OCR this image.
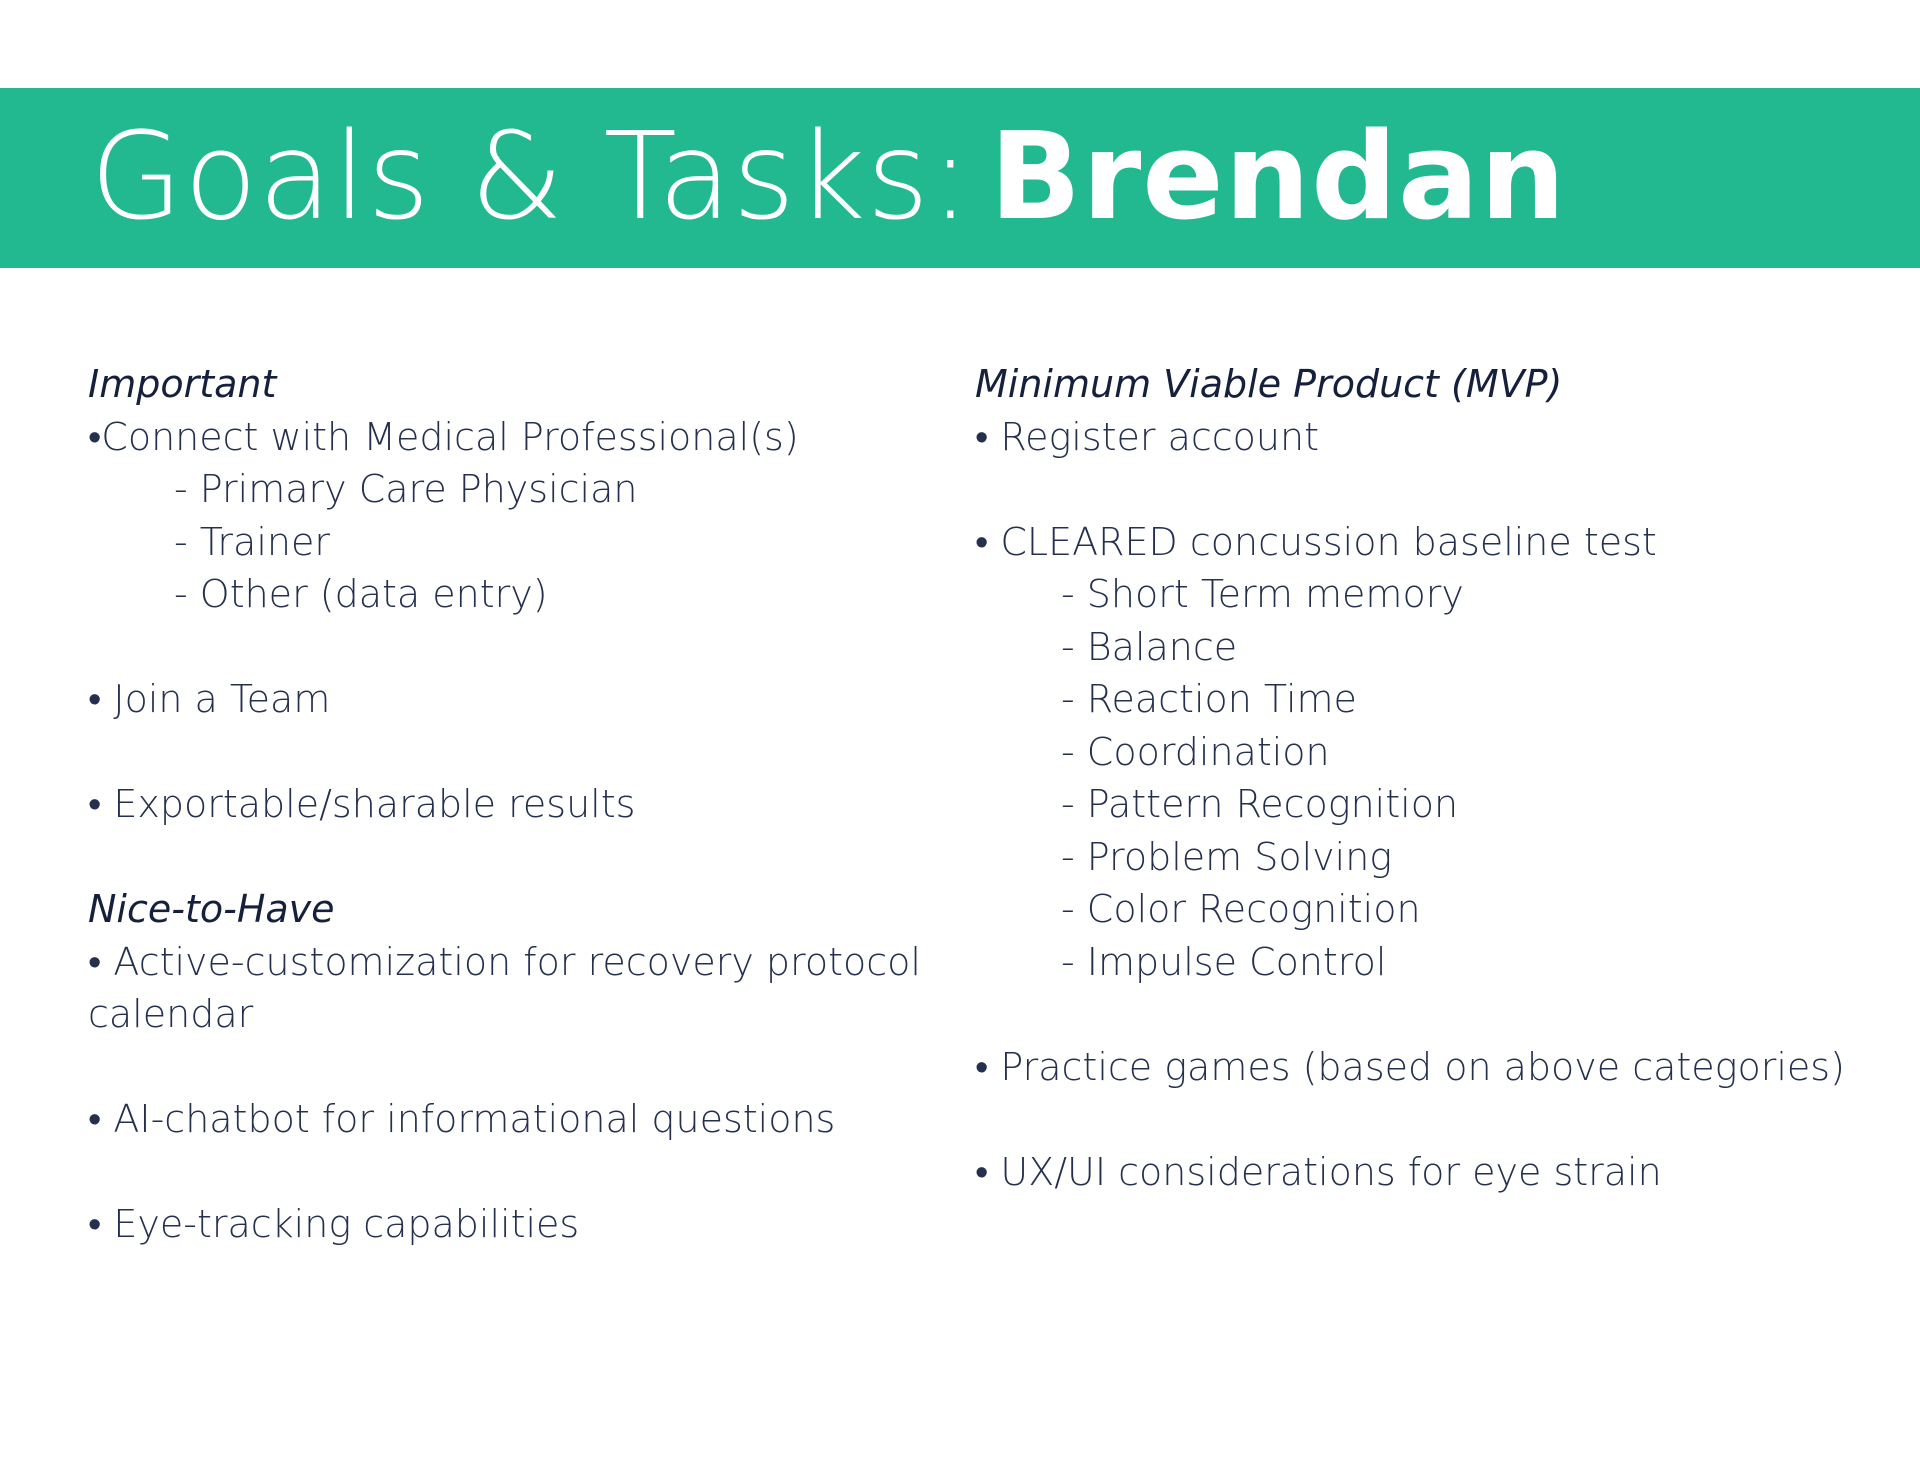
Goals & Tasks: Brendan
Important
•Connect with Medical Professional(s)
- Primary Care Physician
- Trainer
- Other (data entry)
• Join a Team
• Exportable/sharable results
Nice-to-Have
• Active-customization for recovery protocol calendar
• AI-chatbot for informational questions
• Eye-tracking capabilities
Minimum Viable Product (MVP)
• Register account
• CLEARED concussion baseline test
- Short Term memory
- Balance
- Reaction Time
- Coordination
- Pattern Recognition
- Problem Solving
- Color Recognition
- Impulse Control
• Practice games (based on above categories)
• UX/UI considerations for eye strain
